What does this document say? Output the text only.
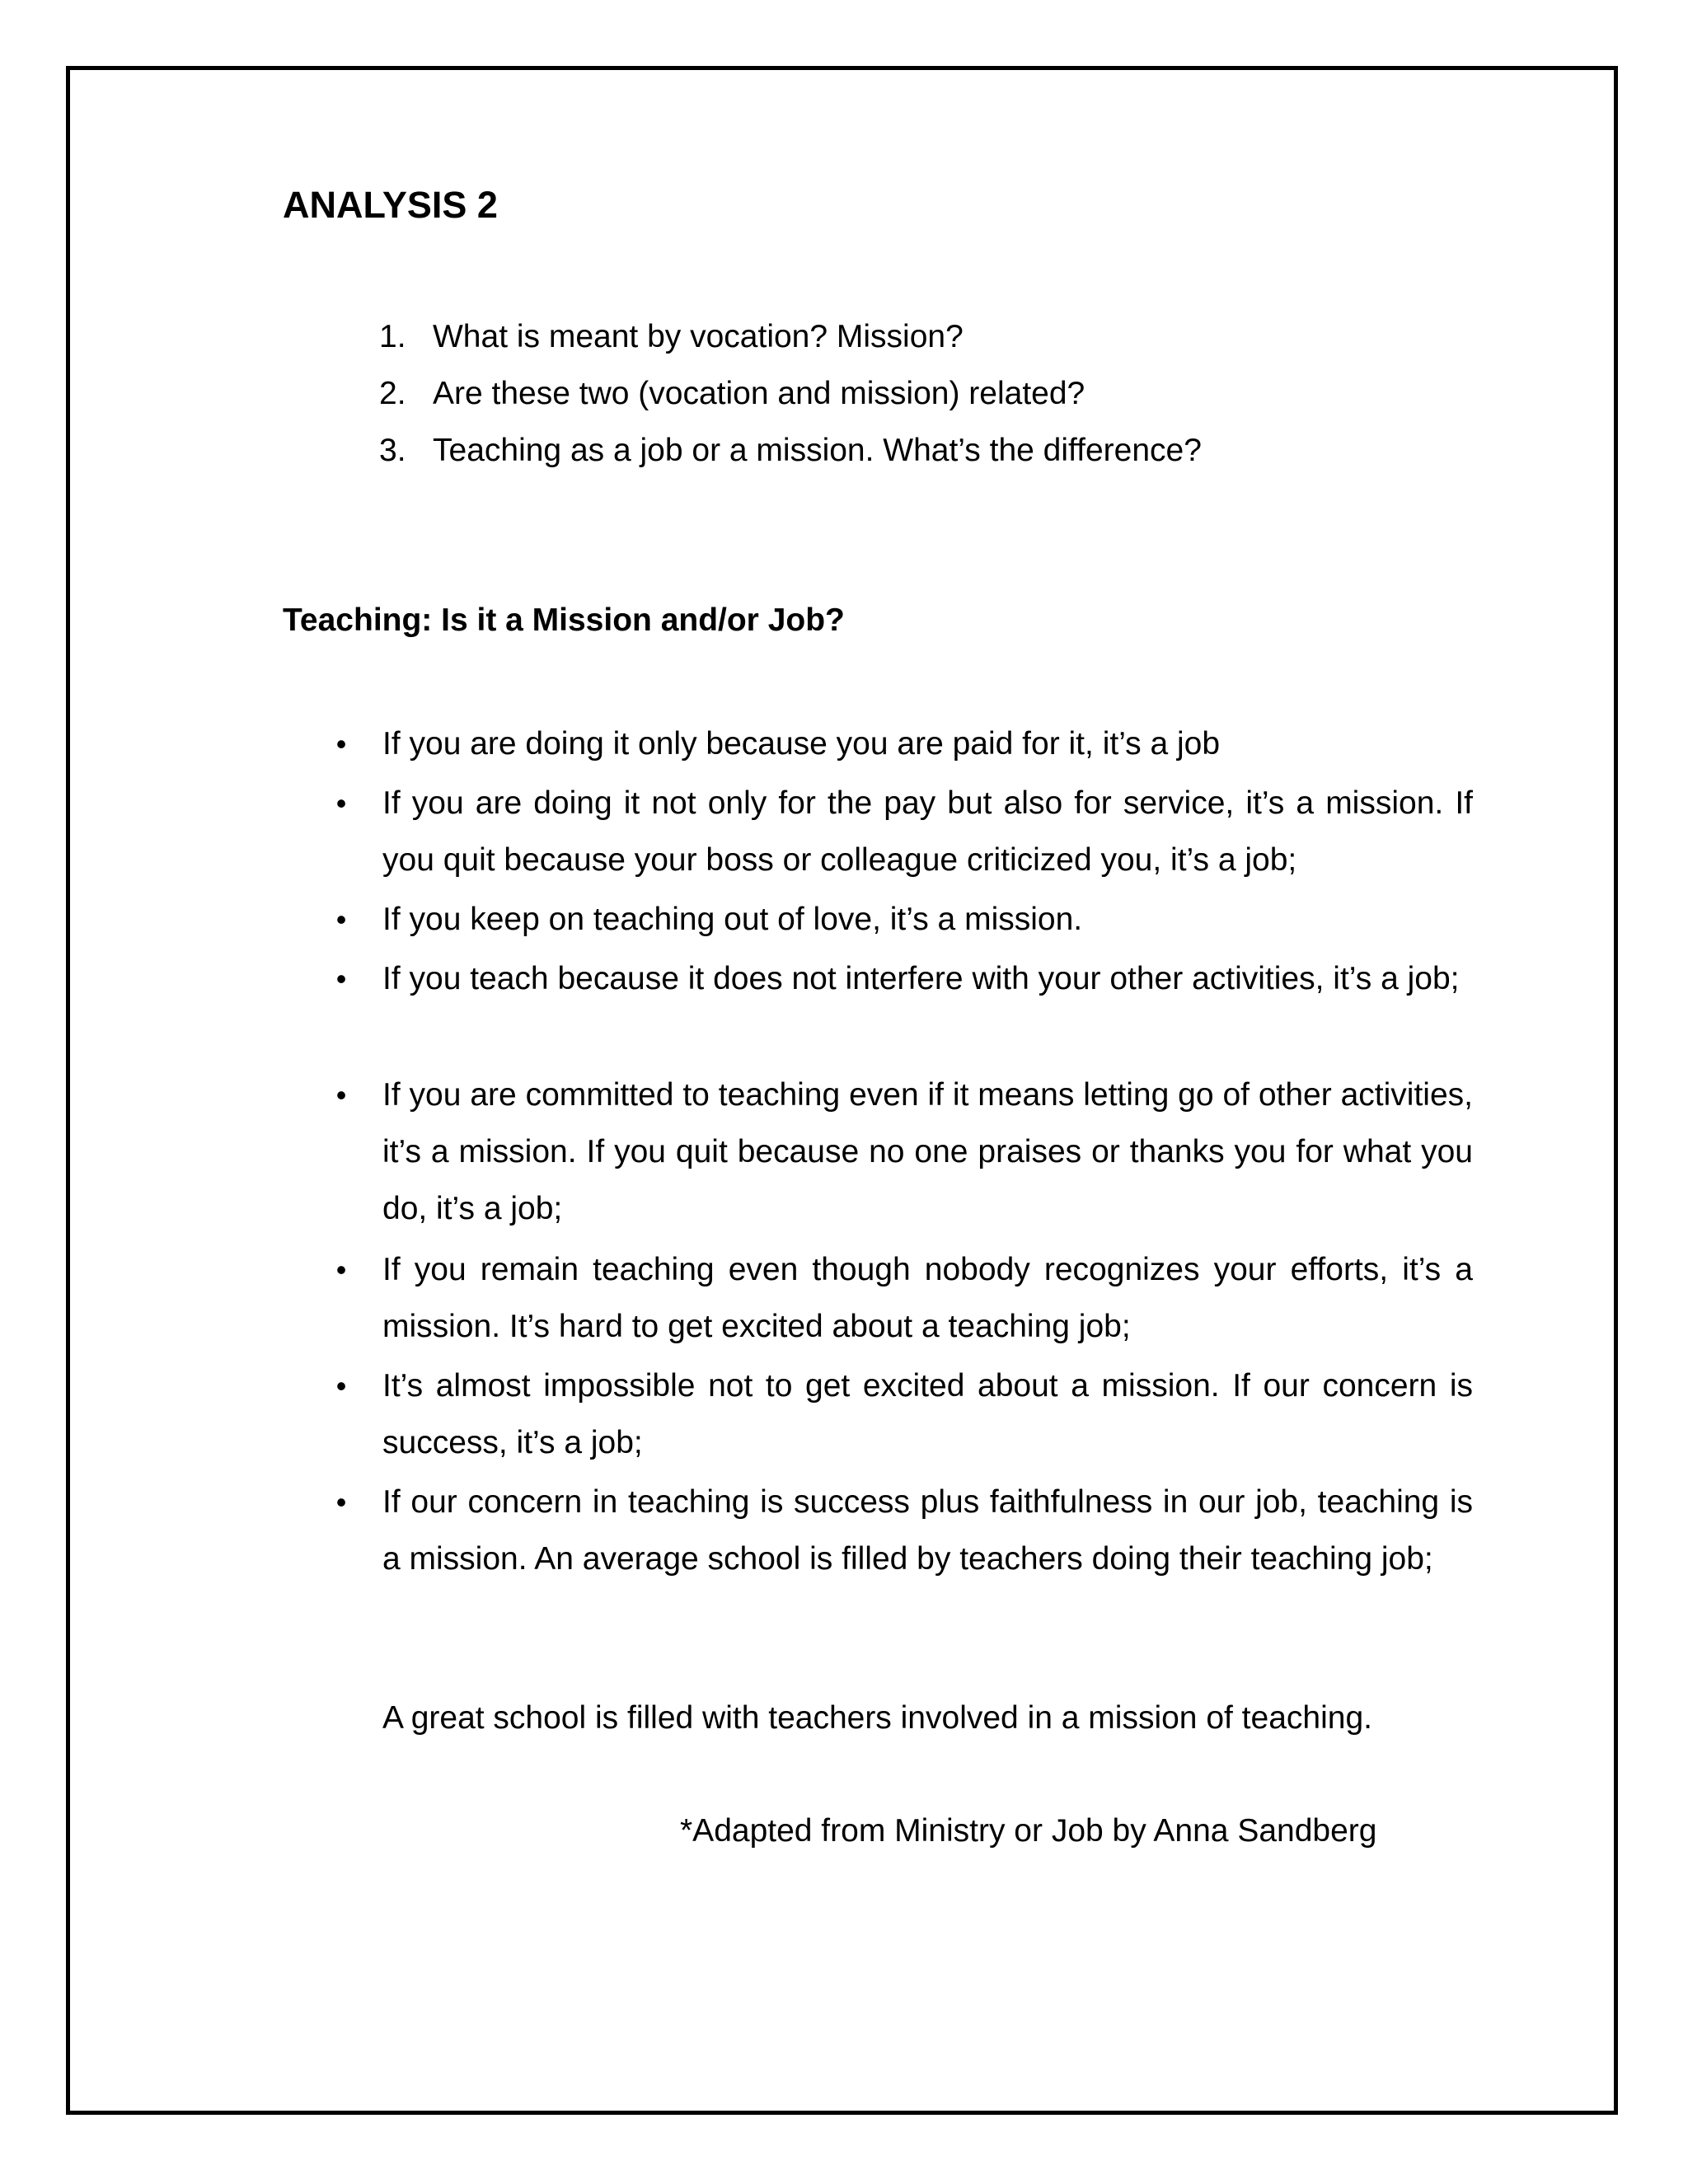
ANALYSIS 2
1. What is meant by vocation? Mission?
2. Are these two (vocation and mission) related?
3. Teaching as a job or a mission. What’s the difference?
Teaching: Is it a Mission and/or Job?
• If you are doing it only because you are paid for it, it’s a job
• If you are doing it not only for the pay but also for service, it’s a mission. If you quit because your boss or colleague criticized you, it’s a job;
• If you keep on teaching out of love, it’s a mission.
• If you teach because it does not interfere with your other activities, it’s a job;
• If you are committed to teaching even if it means letting go of other activities, it’s a mission. If you quit because no one praises or thanks you for what you do, it’s a job;
• If you remain teaching even though nobody recognizes your efforts, it’s a mission. It’s hard to get excited about a teaching job;
• It’s almost impossible not to get excited about a mission. If our concern is success, it’s a job;
• If our concern in teaching is success plus faithfulness in our job, teaching is a mission. An average school is filled by teachers doing their teaching job;

A great school is filled with teachers involved in a mission of teaching.

*Adapted from Ministry or Job by Anna Sandberg
